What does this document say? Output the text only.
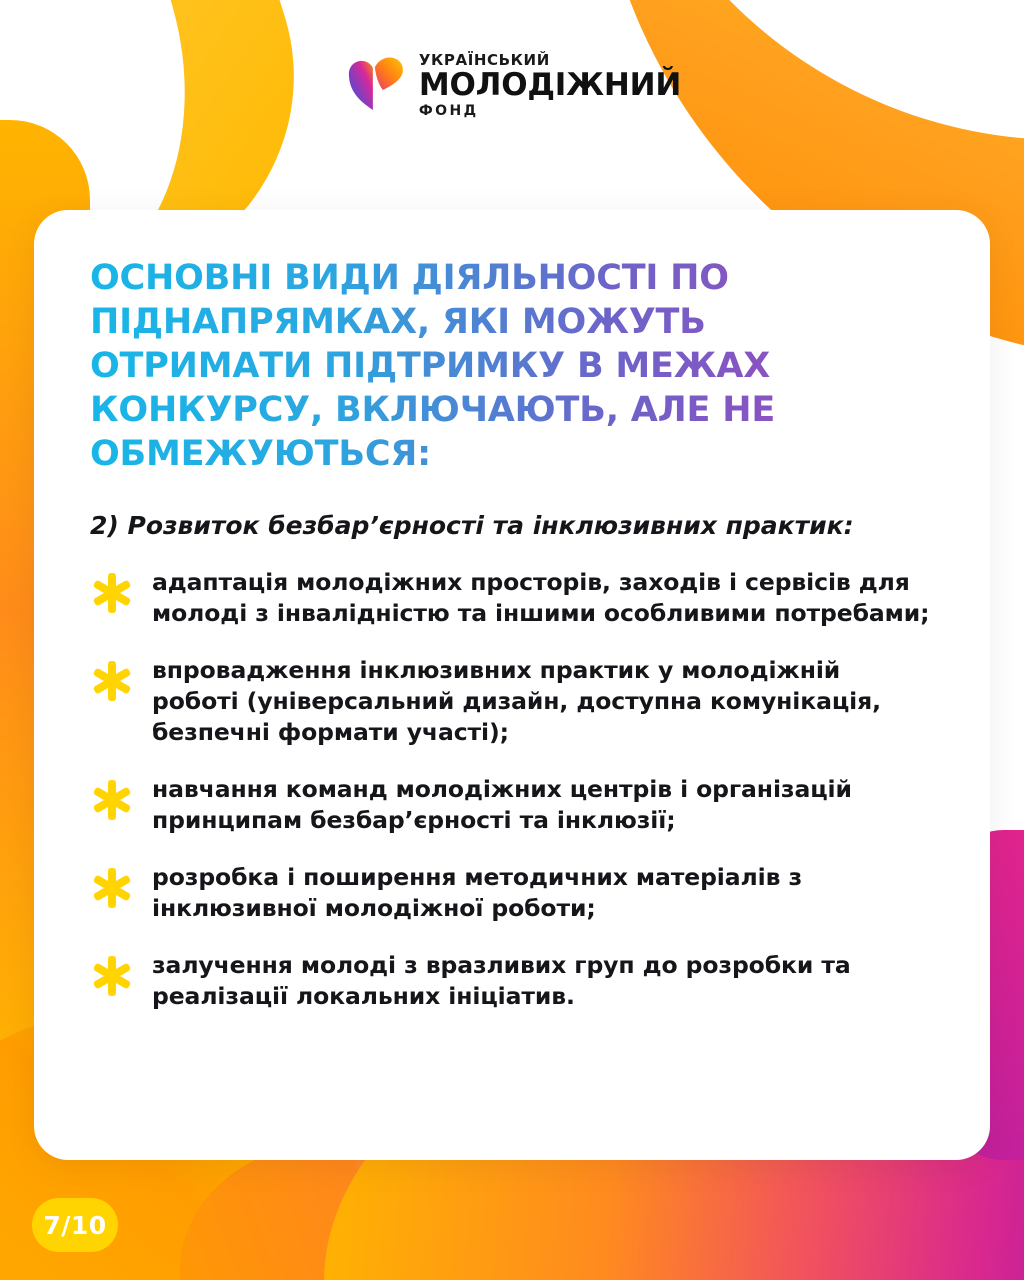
УКРАЇНСЬКИЙ
МОЛОДІЖНИЙ
ФОНД
ОСНОВНІ ВИДИ ДІЯЛЬНОСТІ ПО ПІДНАПРЯМКАХ, ЯКІ МОЖУТЬ ОТРИМАТИ ПІДТРИМКУ В МЕЖАХ КОНКУРСУ, ВКЛЮЧАЮТЬ, АЛЕ НЕ ОБМЕЖУЮТЬСЯ:

2) Розвиток безбар’єрності та інклюзивних практик:

адаптація молодіжних просторів, заходів і сервісів для молоді з інвалідністю та іншими особливими потребами;
впровадження інклюзивних практик у молодіжній роботі (універсальний дизайн, доступна комунікація, безпечні формати участі);
навчання команд молодіжних центрів і організацій принципам безбар’єрності та інклюзії;
розробка і поширення методичних матеріалів з інклюзивної молодіжної роботи;
залучення молоді з вразливих груп до розробки та реалізації локальних ініціатив.
7/10
